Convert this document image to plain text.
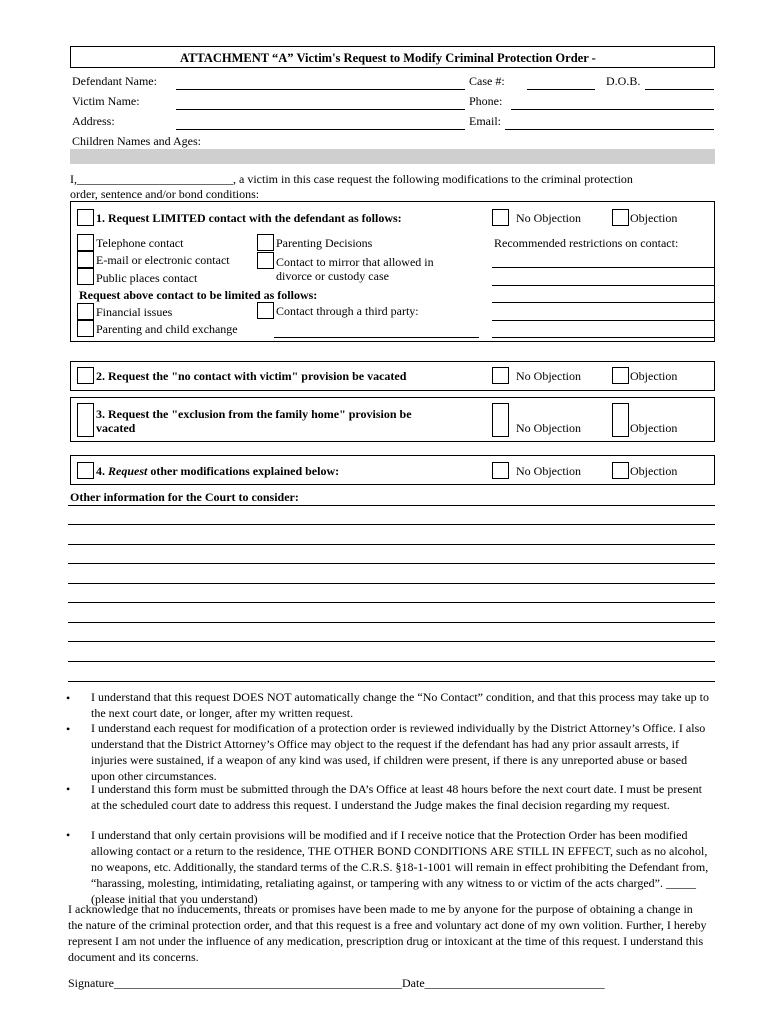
ATTACHMENT “A” Victim's Request to Modify Criminal Protection Order -
Defendant Name:	Case #:	D.O.B.
Victim Name:	Phone:
Address:	Email:
Children Names and Ages:
I,__________________________, a victim in this case request the following modifications to the criminal protection
order, sentence and/or bond conditions:
1. Request LIMITED contact with the defendant as follows:	No Objection	Objection
Telephone contact
E-mail or electronic contact
Public places contact
Parenting Decisions
Contact to mirror that allowed in
divorce or custody case
Request above contact to be limited as follows:
Financial issues
Parenting and child exchange
Contact through a third party:
Recommended restrictions on contact:
2. Request the "no contact with victim" provision be vacated	No Objection	Objection
3. Request the "exclusion from the family home" provision be
vacated	No Objection	Objection
4. Request other modifications explained below:	No Objection	Objection
Other information for the Court to consider:
• I understand that this request DOES NOT automatically change the “No Contact” condition, and that this process may take up to the next court date, or longer, after my written request.
• I understand each request for modification of a protection order is reviewed individually by the District Attorney’s Office. I also understand that the District Attorney’s Office may object to the request if the defendant has had any prior assault arrests, if injuries were sustained, if a weapon of any kind was used, if children were present, if there is any unreported abuse or based upon other circumstances.
• I understand this form must be submitted through the DA’s Office at least 48 hours before the next court date. I must be present at the scheduled court date to address this request. I understand the Judge makes the final decision regarding my request.
• I understand that only certain provisions will be modified and if I receive notice that the Protection Order has been modified allowing contact or a return to the residence, THE OTHER BOND CONDITIONS ARE STILL IN EFFECT, such as no alcohol, no weapons, etc. Additionally, the standard terms of the C.R.S. §18-1-1001 will remain in effect prohibiting the Defendant from, “harassing, molesting, intimidating, retaliating against, or tampering with any witness to or victim of the acts charged”. _____ (please initial that you understand)
I acknowledge that no inducements, threats or promises have been made to me by anyone for the purpose of obtaining a change in the nature of the criminal protection order, and that this request is a free and voluntary act done of my own volition. Further, I hereby represent I am not under the influence of any medication, prescription drug or intoxicant at the time of this request. I understand this document and its concerns.
Signature________________________________________________Date______________________________
